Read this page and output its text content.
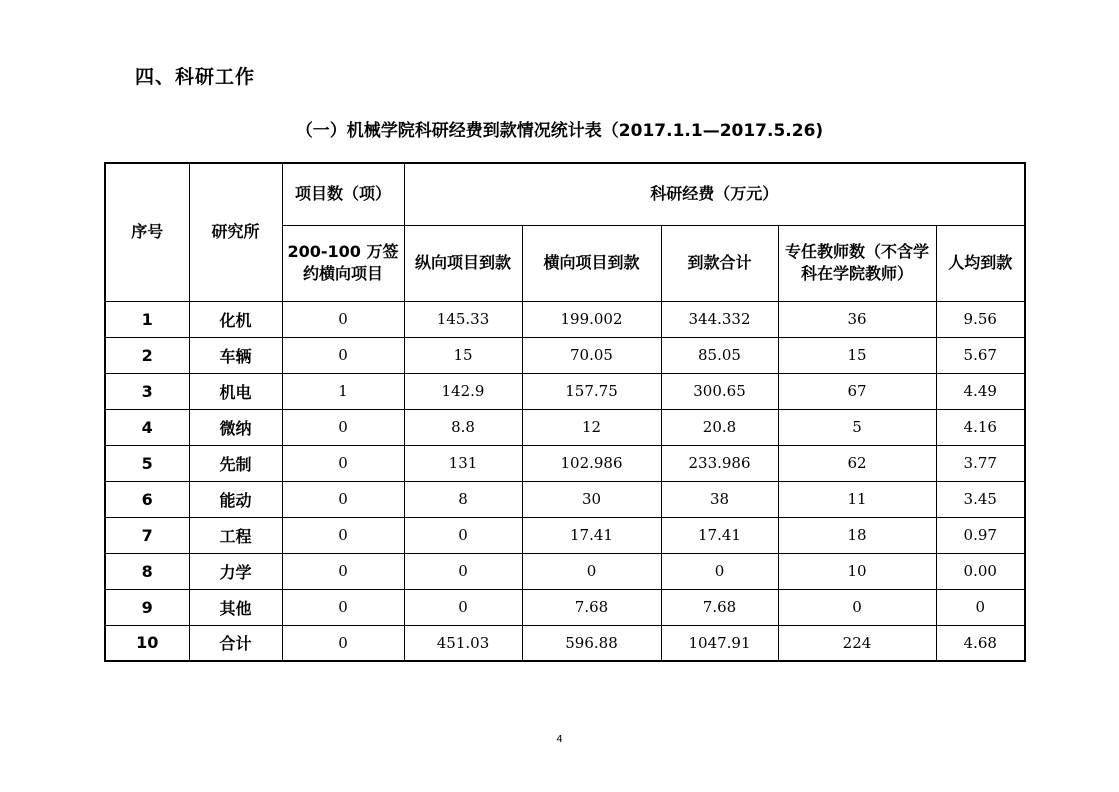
四、科研工作
（一）机械学院科研经费到款情况统计表（2017.1.1—2017.5.26)
序号	研究所	项目数（项）	科研经费（万元）				
		200-100 万签约横向项目	纵向项目到款	横向项目到款	到款合计	专任教师数（不含学科在学院教师）	人均到款
1	化机	0	145.33	199.002	344.332	36	9.56
2	车辆	0	15	70.05	85.05	15	5.67
3	机电	1	142.9	157.75	300.65	67	4.49
4	微纳	0	8.8	12	20.8	5	4.16
5	先制	0	131	102.986	233.986	62	3.77
6	能动	0	8	30	38	11	3.45
7	工程	0	0	17.41	17.41	18	0.97
8	力学	0	0	0	0	10	0.00
9	其他	0	0	7.68	7.68	0	0
10	合计	0	451.03	596.88	1047.91	224	4.68
4
